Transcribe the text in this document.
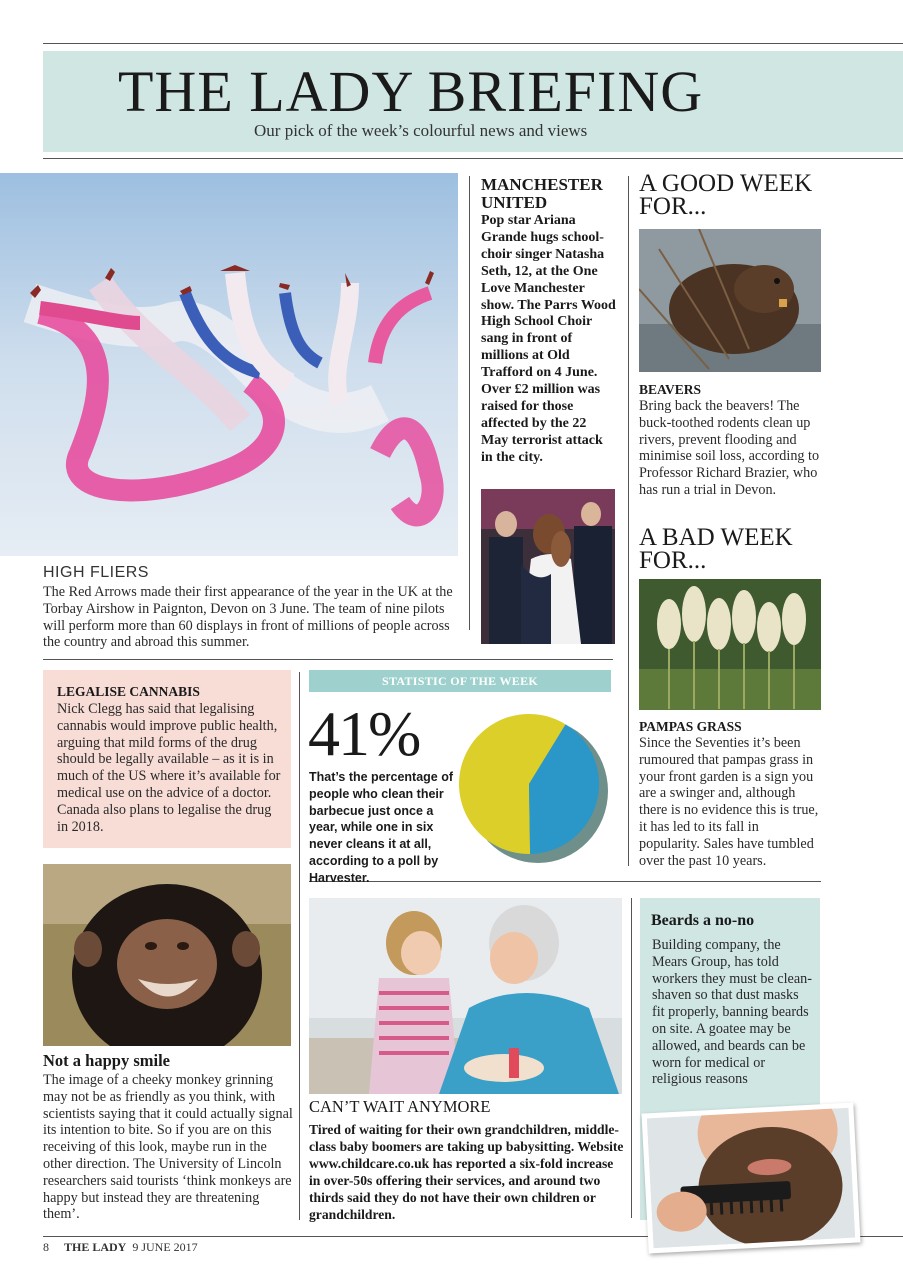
THE LADY BRIEFING
Our pick of the week’s colourful news and views
HIGH FLIERS
The Red Arrows made their first appearance of the year in the UK at the Torbay Airshow in Paignton, Devon on 3 June. The team of nine pilots will perform more than 60 displays in front of millions of people across the country and abroad this summer.
MANCHESTER UNITED
Pop star Ariana Grande hugs school-choir singer Natasha Seth, 12, at the One Love Manchester show. The Parrs Wood High School Choir sang in front of millions at Old Trafford on 4 June. Over £2 million was raised for those affected by the 22 May terrorist attack in the city.
A GOOD WEEK FOR...
BEAVERS
Bring back the beavers! The buck-toothed rodents clean up rivers, prevent flooding and minimise soil loss, according to Professor Richard Brazier, who has run a trial in Devon.
A BAD WEEK FOR...
PAMPAS GRASS
Since the Seventies it’s been rumoured that pampas grass in your front garden is a sign you are a swinger and, although there is no evidence this is true, it has led to its fall in popularity. Sales have tumbled over the past 10 years.
LEGALISE CANNABIS
Nick Clegg has said that legalising cannabis would improve public health, arguing that mild forms of the drug should be legally available – as it is in much of the US where it’s available for medical use on the advice of a doctor. Canada also plans to legalise the drug in 2018.
STATISTIC OF THE WEEK
41%
That’s the percentage of people who clean their barbecue just once a year, while one in six never cleans it at all, according to a poll by Harvester.
Not a happy smile
The image of a cheeky monkey grinning may not be as friendly as you think, with scientists saying that it could actually signal its intention to bite. So if you are on this receiving of this look, maybe run in the other direction. The University of Lincoln researchers said tourists ‘think monkeys are happy but instead they are threatening them’.
CAN’T WAIT ANYMORE
Tired of waiting for their own grandchildren, middle-class baby boomers are taking up babysitting. Website www.childcare.co.uk has reported a six-fold increase in over-50s offering their services, and around two thirds said they do not have their own children or grandchildren.
Beards a no-no
Building company, the Mears Group, has told workers they must be clean-shaven so that dust masks fit properly, banning beards on site. A goatee may be allowed, and beards can be worn for medical or religious reasons
8 THE LADY 9 JUNE 2017
